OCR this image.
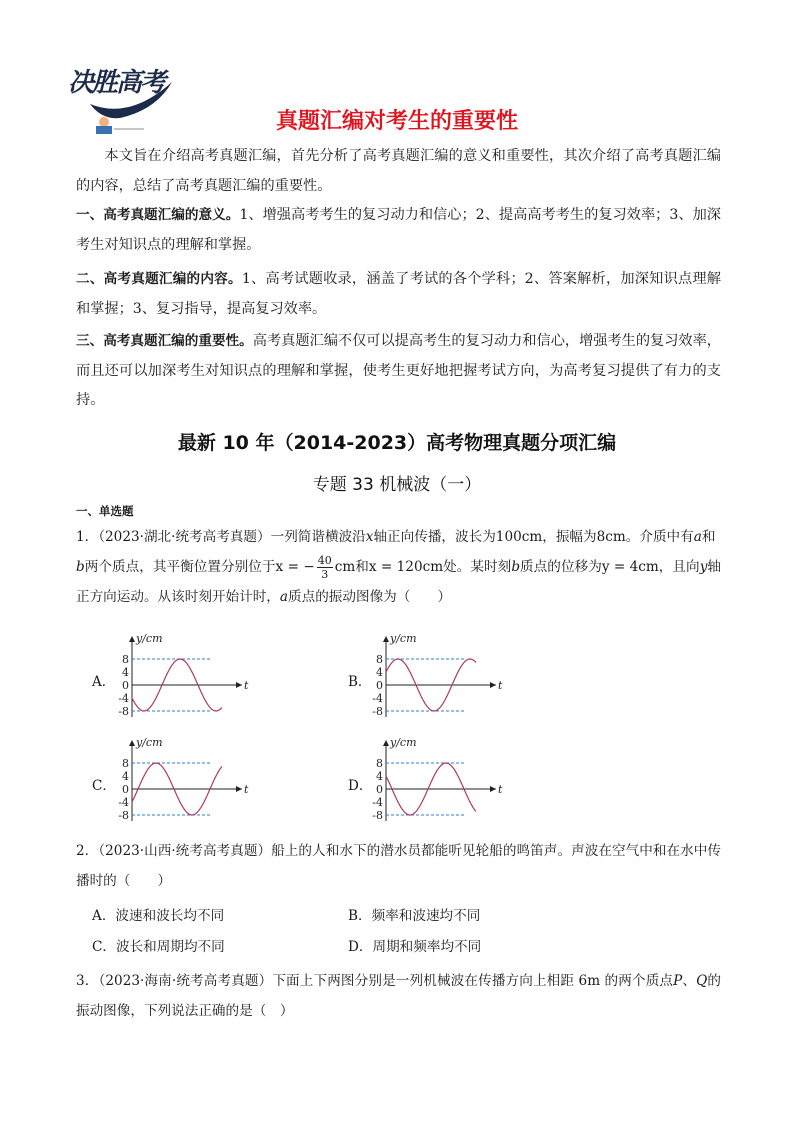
决胜高考
真题汇编对考生的重要性
本文旨在介绍高考真题汇编，首先分析了高考真题汇编的意义和重要性，其次介绍了高考真题汇编的内容，总结了高考真题汇编的重要性。
一、高考真题汇编的意义。1、增强高考考生的复习动力和信心；2、提高高考考生的复习效率；3、加深考生对知识点的理解和掌握。
二、高考真题汇编的内容。1、高考试题收录，涵盖了考试的各个学科；2、答案解析，加深知识点理解和掌握；3、复习指导，提高复习效率。
三、高考真题汇编的重要性。高考真题汇编不仅可以提高考生的复习动力和信心，增强考生的复习效率，而且还可以加深考生对知识点的理解和掌握，使考生更好地把握考试方向，为高考复习提供了有力的支持。
最新 10 年（2014-2023）高考物理真题分项汇编
专题 33 机械波（一）
一、单选题
1．（2023·湖北·统考高考真题）一列简谐横波沿x轴正向传播，波长为100cm，振幅为8cm。介质中有a和
b两个质点，其平衡位置分别位于x = − $\frac{40}{3}$ cm和x = 120cm处。某时刻b质点的位移为y = 4cm，且向y轴正方向运动。从该时刻开始计时，a质点的振动图像为（　　）
A．
8
4
0
-4
-8
y/cm
t	B．
8
4
0
-4
-8
y/cm
t
C．
8
4
0
-4
-8
y/cm
t	D．
8
4
0
-4
-8
y/cm
t
2．（2023·山西·统考高考真题）船上的人和水下的潜水员都能听见轮船的鸣笛声。声波在空气中和在水中传播时的（　　）
A．波速和波长均不同	B．频率和波速均不同
C．波长和周期均不同	D．周期和频率均不同
3．（2023·海南·统考高考真题）下面上下两图分别是一列机械波在传播方向上相距 6m 的两个质点P、Q的振动图像，下列说法正确的是（　）
